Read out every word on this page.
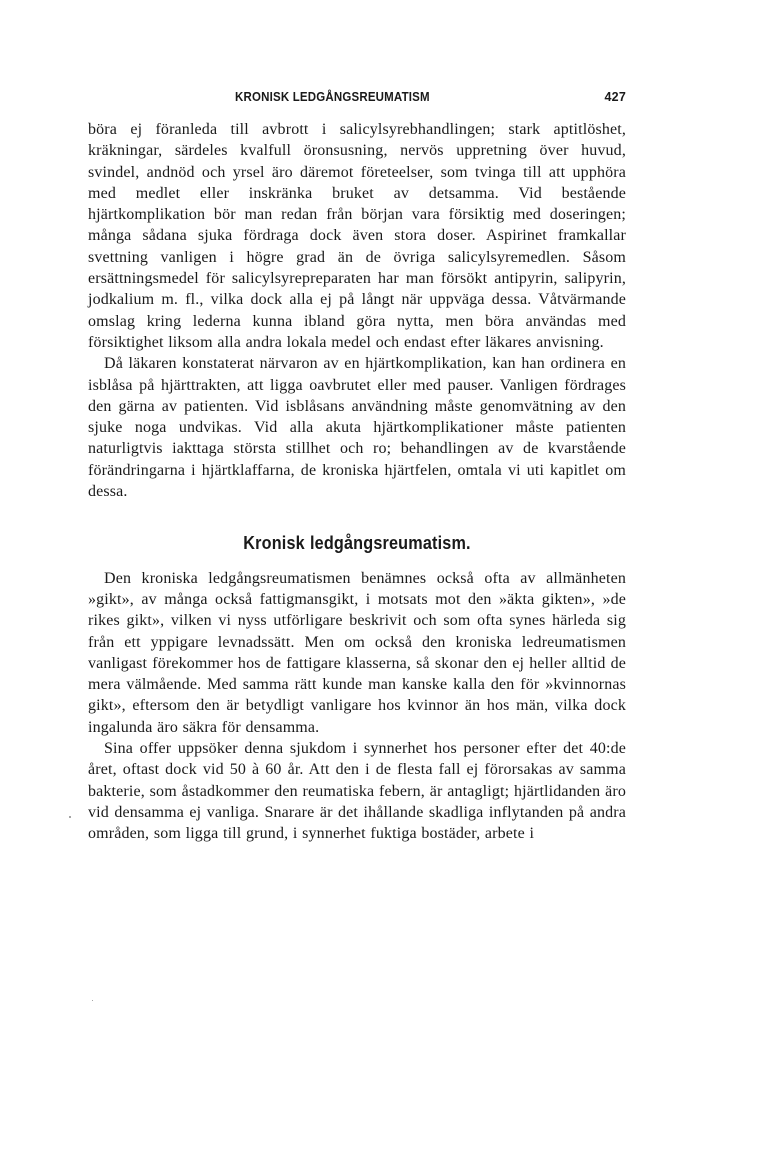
KRONISK LEDGÅNGSREUMATISM	427

böra ej föranleda till avbrott i salicylsyrebhandlingen; stark aptitlöshet, kräkningar, särdeles kvalfull öronsusning, nervös uppretning över huvud, svindel, andnöd och yrsel äro däremot företeelser, som tvinga till att upphöra med medlet eller inskränka bruket av detsamma. Vid bestående hjärtkomplikation bör man redan från början vara försiktig med doseringen; många sådana sjuka fördraga dock även stora doser. Aspirinet framkallar svettning vanligen i högre grad än de övriga salicylsyremedlen. Såsom ersättningsmedel för salicylsyrepreparaten har man försökt antipyrin, salipyrin, jodkalium m. fl., vilka dock alla ej på långt när uppväga dessa. Våtvärmande omslag kring lederna kunna ibland göra nytta, men böra användas med försiktighet liksom alla andra lokala medel och endast efter läkares anvisning.

Då läkaren konstaterat närvaron av en hjärtkomplikation, kan han ordinera en isblåsa på hjärttrakten, att ligga oavbrutet eller med pauser. Vanligen fördrages den gärna av patienten. Vid isblåsans användning måste genomvätning av den sjuke noga undvikas. Vid alla akuta hjärtkomplikationer måste patienten naturligtvis iakttaga största stillhet och ro; behandlingen av de kvarstående förändringarna i hjärtklaffarna, de kroniska hjärtfelen, omtala vi uti kapitlet om dessa.

Kronisk ledgångsreumatism.

Den kroniska ledgångsreumatismen benämnes också ofta av allmänheten »gikt», av många också fattigmansgikt, i motsats mot den »äkta gikten», »de rikes gikt», vilken vi nyss utförligare beskrivit och som ofta synes härleda sig från ett yppigare levnadssätt. Men om också den kroniska ledreumatismen vanligast förekommer hos de fattigare klasserna, så skonar den ej heller alltid de mera välmående. Med samma rätt kunde man kanske kalla den för »kvinnornas gikt», eftersom den är betydligt vanligare hos kvinnor än hos män, vilka dock ingalunda äro säkra för densamma.

Sina offer uppsöker denna sjukdom i synnerhet hos personer efter det 40:de året, oftast dock vid 50 à 60 år. Att den i de flesta fall ej förorsakas av samma bakterie, som åstadkommer den reumatiska febern, är antagligt; hjärtlidanden äro vid densamma ej vanliga. Snarare är det ihållande skadliga inflytanden på andra områden, som ligga till grund, i synnerhet fuktiga bostäder, arbete i
